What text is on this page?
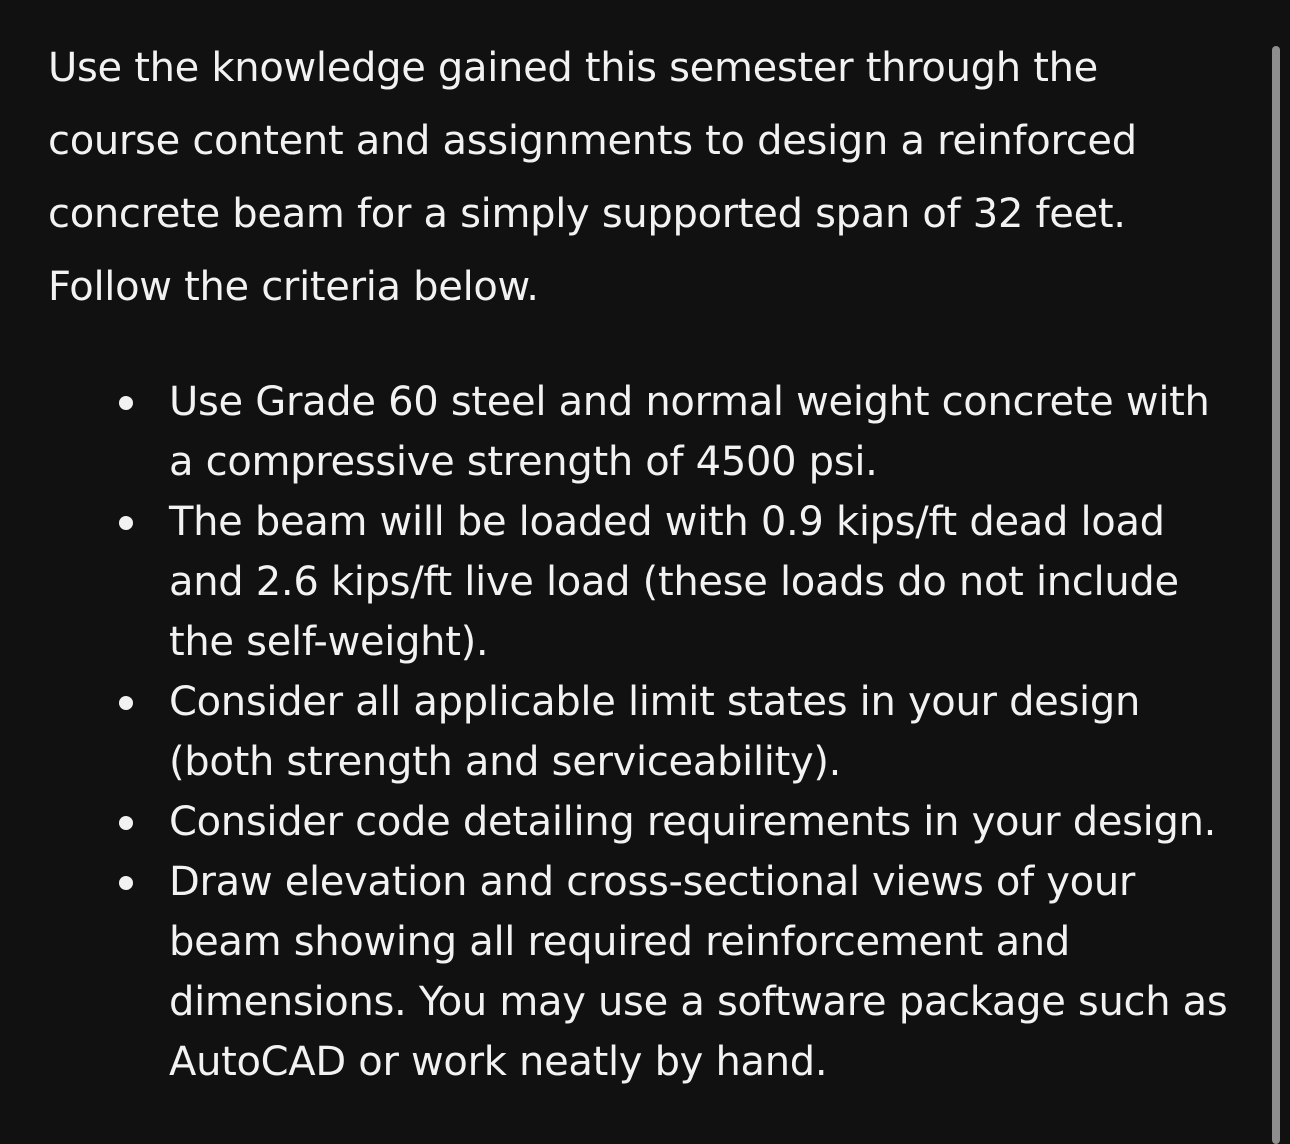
Use the knowledge gained this semester through the course content and assignments to design a reinforced concrete beam for a simply supported span of 32 feet. Follow the criteria below.

Use Grade 60 steel and normal weight concrete with a compressive strength of 4500 psi.
The beam will be loaded with 0.9 kips/ft dead load and 2.6 kips/ft live load (these loads do not include the self-weight).
Consider all applicable limit states in your design (both strength and serviceability).
Consider code detailing requirements in your design.
Draw elevation and cross-sectional views of your beam showing all required reinforcement and dimensions. You may use a software package such as AutoCAD or work neatly by hand.
